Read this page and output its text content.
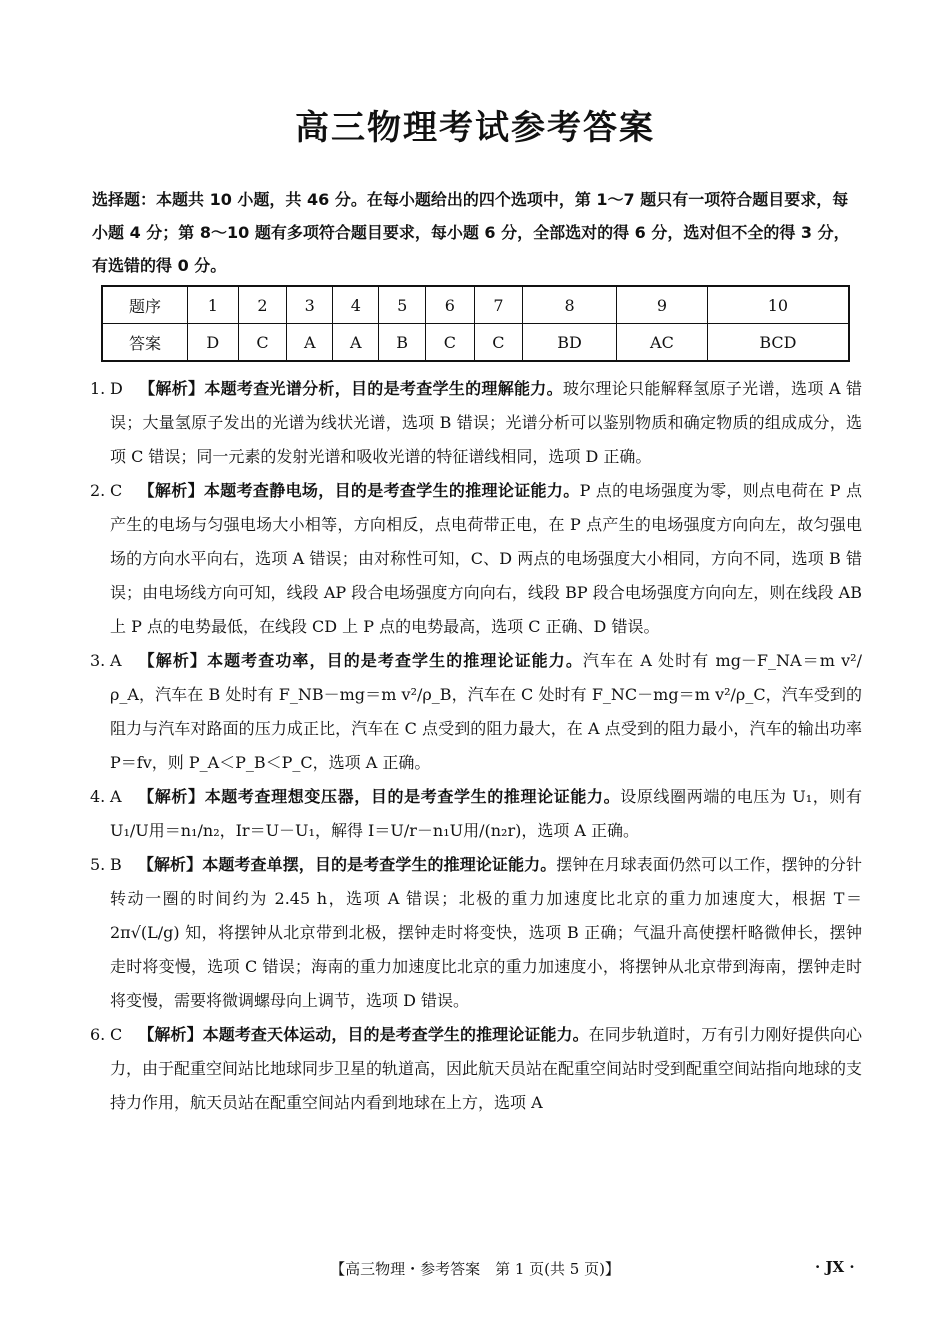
高三物理考试参考答案
选择题：本题共 10 小题，共 46 分。在每小题给出的四个选项中，第 1～7 题只有一项符合题目要求，每小题 4 分；第 8～10 题有多项符合题目要求，每小题 6 分，全部选对的得 6 分，选对但不全的得 3 分，有选错的得 0 分。
题序	1	2	3	4	5	6	7	8	9	10
答案	D	C	A	A	B	C	C	BD	AC	BCD
1. D  【解析】本题考查光谱分析，目的是考查学生的理解能力。玻尔理论只能解释氢原子光谱，选项 A 错误；大量氢原子发出的光谱为线状光谱，选项 B 错误；光谱分析可以鉴别物质和确定物质的组成成分，选项 C 错误；同一元素的发射光谱和吸收光谱的特征谱线相同，选项 D 正确。

2. C  【解析】本题考查静电场，目的是考查学生的推理论证能力。P 点的电场强度为零，则点电荷在 P 点产生的电场与匀强电场大小相等，方向相反，点电荷带正电，在 P 点产生的电场强度方向向左，故匀强电场的方向水平向右，选项 A 错误；由对称性可知，C、D 两点的电场强度大小相同，方向不同，选项 B 错误；由电场线方向可知，线段 AP 段合电场强度方向向右，线段 BP 段合电场强度方向向左，则在线段 AB 上 P 点的电势最低，在线段 CD 上 P 点的电势最高，选项 C 正确、D 错误。

3. A  【解析】本题考查功率，目的是考查学生的推理论证能力。汽车在 A 处时有 mg－F_NA＝m v²/ρ_A，汽车在 B 处时有 F_NB－mg＝m v²/ρ_B，汽车在 C 处时有 F_NC－mg＝m v²/ρ_C，汽车受到的阻力与汽车对路面的压力成正比，汽车在 C 点受到的阻力最大，在 A 点受到的阻力最小，汽车的输出功率 P＝fv，则 P_A＜P_B＜P_C，选项 A 正确。

4. A  【解析】本题考查理想变压器，目的是考查学生的推理论证能力。设原线圈两端的电压为 U₁，则有 U₁/U用＝n₁/n₂，Ir＝U－U₁，解得 I＝U/r－n₁U用/(n₂r)，选项 A 正确。

5. B  【解析】本题考查单摆，目的是考查学生的推理论证能力。摆钟在月球表面仍然可以工作，摆钟的分针转动一圈的时间约为 2.45 h，选项 A 错误；北极的重力加速度比北京的重力加速度大，根据 T＝2π√(L/g) 知，将摆钟从北京带到北极，摆钟走时将变快，选项 B 正确；气温升高使摆杆略微伸长，摆钟走时将变慢，选项 C 错误；海南的重力加速度比北京的重力加速度小，将摆钟从北京带到海南，摆钟走时将变慢，需要将微调螺母向上调节，选项 D 错误。

6. C  【解析】本题考查天体运动，目的是考查学生的推理论证能力。在同步轨道时，万有引力刚好提供向心力，由于配重空间站比地球同步卫星的轨道高，因此航天员站在配重空间站时受到配重空间站指向地球的支持力作用，航天员站在配重空间站内看到地球在上方，选项 A

【高三物理・参考答案　第 1 页(共 5 页)】	· JX ·
